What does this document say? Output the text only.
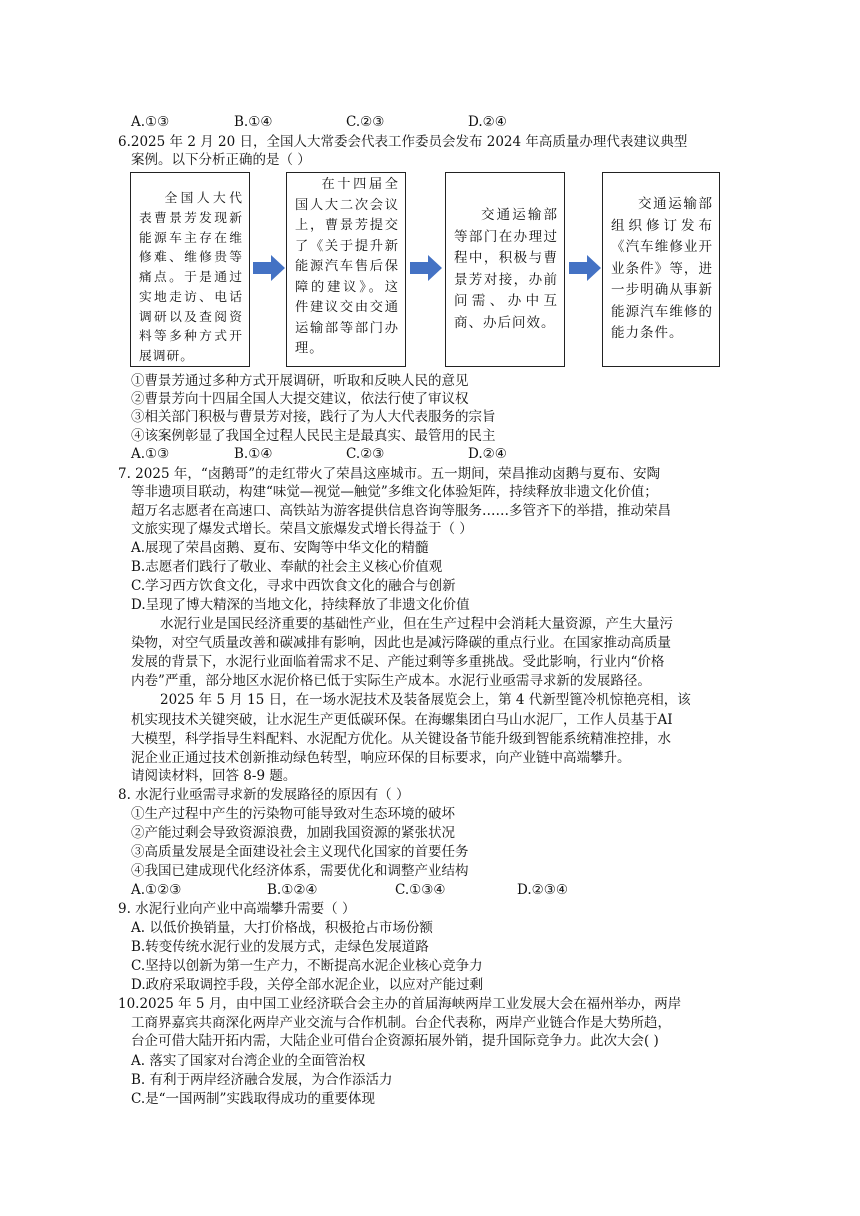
A.①③	B.①④	C.②③	D.②④
6.2025 年 2 月 20 日，全国人大常委会代表工作委员会发布 2024 年高质量办理代表建议典型
案例。以下分析正确的是（ ）
全国人大代表曹景芳发现新能源车主存在维修难、维修贵等痛点。于是通过实地走访、电话调研以及查阅资料等多种方式开展调研。
在十四届全国人大二次会议上，曹景芳提交了《关于提升新能源汽车售后保障的建议》。这件建议交由交通运输部等部门办理。
交通运输部等部门在办理过程中，积极与曹景芳对接，办前问需、办中互商、办后问效。
交通运输部组织修订发布《汽车维修业开业条件》等，进一步明确从事新能源汽车维修的能力条件。
①曹景芳通过多种方式开展调研，听取和反映人民的意见
②曹景芳向十四届全国人大提交建议，依法行使了审议权
③相关部门积极与曹景芳对接，践行了为人大代表服务的宗旨
④该案例彰显了我国全过程人民民主是最真实、最管用的民主
A.①③	B.①④	C.②③	D.②④
7. 2025 年，“卤鹅哥”的走红带火了荣昌这座城市。五一期间，荣昌推动卤鹅与夏布、安陶
等非遗项目联动，构建“味觉—视觉—触觉”多维文化体验矩阵，持续释放非遗文化价值；
超万名志愿者在高速口、高铁站为游客提供信息咨询等服务……多管齐下的举措，推动荣昌
文旅实现了爆发式增长。荣昌文旅爆发式增长得益于（ ）
A.展现了荣昌卤鹅、夏布、安陶等中华文化的精髓
B.志愿者们践行了敬业、奉献的社会主义核心价值观
C.学习西方饮食文化，寻求中西饮食文化的融合与创新
D.呈现了博大精深的当地文化，持续释放了非遗文化价值
水泥行业是国民经济重要的基础性产业，但在生产过程中会消耗大量资源，产生大量污
染物，对空气质量改善和碳减排有影响，因此也是减污降碳的重点行业。在国家推动高质量
发展的背景下，水泥行业面临着需求不足、产能过剩等多重挑战。受此影响，行业内“价格
内卷”严重，部分地区水泥价格已低于实际生产成本。水泥行业亟需寻求新的发展路径。
2025 年 5 月 15 日，在一场水泥技术及装备展览会上，第 4 代新型篦冷机惊艳亮相，该
机实现技术关键突破，让水泥生产更低碳环保。在海螺集团白马山水泥厂，工作人员基于AI
大模型，科学指导生料配料、水泥配方优化。从关键设备节能升级到智能系统精准控排，水
泥企业正通过技术创新推动绿色转型，响应环保的目标要求，向产业链中高端攀升。
请阅读材料，回答 8-9 题。
8. 水泥行业亟需寻求新的发展路径的原因有（ ）
①生产过程中产生的污染物可能导致对生态环境的破坏
②产能过剩会导致资源浪费，加剧我国资源的紧张状况
③高质量发展是全面建设社会主义现代化国家的首要任务
④我国已建成现代化经济体系，需要优化和调整产业结构
A.①②③	B.①②④	C.①③④	D.②③④
9. 水泥行业向产业中高端攀升需要（ ）
A. 以低价换销量，大打价格战，积极抢占市场份额
B.转变传统水泥行业的发展方式，走绿色发展道路
C.坚持以创新为第一生产力，不断提高水泥企业核心竞争力
D.政府采取调控手段，关停全部水泥企业，以应对产能过剩
10.2025 年 5 月，由中国工业经济联合会主办的首届海峡两岸工业发展大会在福州举办，两岸
工商界嘉宾共商深化两岸产业交流与合作机制。台企代表称，两岸产业链合作是大势所趋，
台企可借大陆开拓内需，大陆企业可借台企资源拓展外销，提升国际竞争力。此次大会( )
A. 落实了国家对台湾企业的全面管治权
B. 有利于两岸经济融合发展，为合作添活力
C.是“一国两制”实践取得成功的重要体现
